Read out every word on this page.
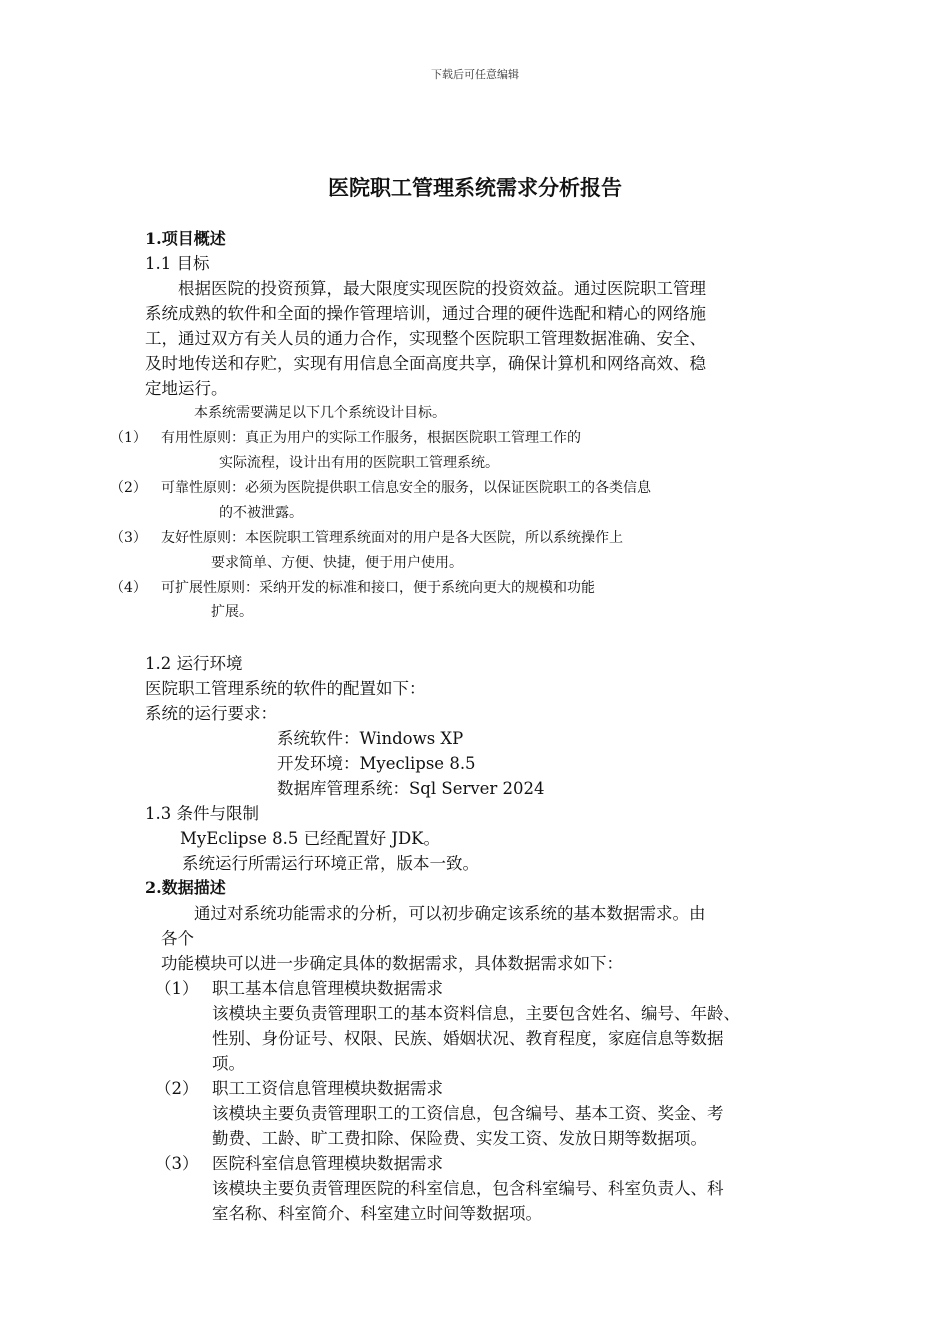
下载后可任意编辑
医院职工管理系统需求分析报告
1.项目概述
1.1 目标
根据医院的投资预算，最大限度实现医院的投资效益。通过医院职工管理
系统成熟的软件和全面的操作管理培训，通过合理的硬件选配和精心的网络施
工，通过双方有关人员的通力合作，实现整个医院职工管理数据准确、安全、
及时地传送和存贮，实现有用信息全面高度共享，确保计算机和网络高效、稳
定地运行。
本系统需要满足以下几个系统设计目标。
（1） 有用性原则：真正为用户的实际工作服务，根据医院职工管理工作的
实际流程，设计出有用的医院职工管理系统。
（2） 可靠性原则：必须为医院提供职工信息安全的服务，以保证医院职工的各类信息
的不被泄露。
（3） 友好性原则：本医院职工管理系统面对的用户是各大医院，所以系统操作上
要求简单、方便、快捷，便于用户使用。
（4） 可扩展性原则：采纳开发的标准和接口，便于系统向更大的规模和功能
扩展。
1.2 运行环境
医院职工管理系统的软件的配置如下：
系统的运行要求：
系统软件：Windows XP
开发环境：Myeclipse 8.5
数据库管理系统：Sql Server 2024
1.3 条件与限制
MyEclipse 8.5 已经配置好 JDK。
系统运行所需运行环境正常，版本一致。
2.数据描述
通过对系统功能需求的分析，可以初步确定该系统的基本数据需求。由
各个
功能模块可以进一步确定具体的数据需求，具体数据需求如下：
（1） 职工基本信息管理模块数据需求
该模块主要负责管理职工的基本资料信息，主要包含姓名、编号、年龄、
性别、身份证号、权限、民族、婚姻状况、教育程度，家庭信息等数据
项。
（2） 职工工资信息管理模块数据需求
该模块主要负责管理职工的工资信息，包含编号、基本工资、奖金、考
勤费、工龄、旷工费扣除、保险费、实发工资、发放日期等数据项。
（3） 医院科室信息管理模块数据需求
该模块主要负责管理医院的科室信息，包含科室编号、科室负责人、科
室名称、科室简介、科室建立时间等数据项。
